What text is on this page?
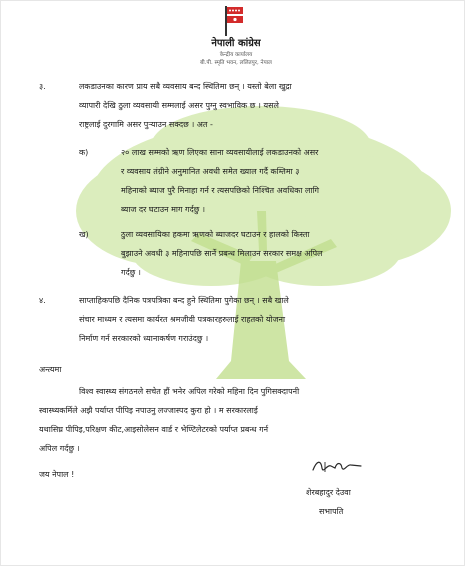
नेपाली कांग्रेस
केन्द्रीय कार्यालय
बी.पी. स्मृति भवन, ललितपुर, नेपाल
३.	लकडाउनका कारण प्राय सबै व्यवसाय बन्द स्थितिमा छन् । यस्तो बेला खुद्रा
व्यापारी देखि ठुला व्यवसायी सम्मलाई असर पुग्नु स्वभाविक छ । यसले
राष्ट्रलाई दुरगामि असर पुऱ्याउन सक्दछ । अत -
क)	२० लाख सम्मको ऋण लिएका साना व्यवसायीलाई लकडाउनको असर
र व्यवसाय तंग्रीने अनुमानित अवधी समेत ख्याल गर्दै कम्तिमा ३
महिनाको ब्याज पुरै मिनाहा गर्न र त्यसपछिको निश्चित अवधिका लागि
ब्याज दर घटाउन माग गर्दछु ।
ख)	ठुला व्यवसायिका हकमा ऋणको ब्याजदर घटाउन र हालको किस्ता
बुझाउने अवधी ३ महिनापछि सार्ने प्रबन्ध मिलाउन सरकार समक्ष अपिल
गर्दछु ।
४.	साप्ताहिकपछि दैनिक पत्रपत्रिका बन्द हुने स्थितिमा पुगेका छन् । सबै खाले
संचार माध्यम र त्यसमा कार्यरत श्रमजीवी पत्रकारहरुलाई राहतको योजना
निर्माण गर्न सरकारको ध्यानाकर्षण गराउंदछु ।
अन्त्यमा
विश्व स्वास्थ्य संगठनले सचेत हौं भनेर अपिल गरेको महिना दिन पुगिसक्दापनी
स्वास्थ्यकर्मिले अझै पर्याप्त पीपिइ नपाउनु लज्जास्पद कुरा हो । म सरकारलाई
यथासिघ्र पीपिइ,परिक्षण कीट,आइसोलेसन वार्ड र भेण्टिलेटरको पर्याप्त प्रबन्ध गर्न
अपिल गर्दछु ।
जय नेपाल !
शेरबहादुर देउवा
सभापति
